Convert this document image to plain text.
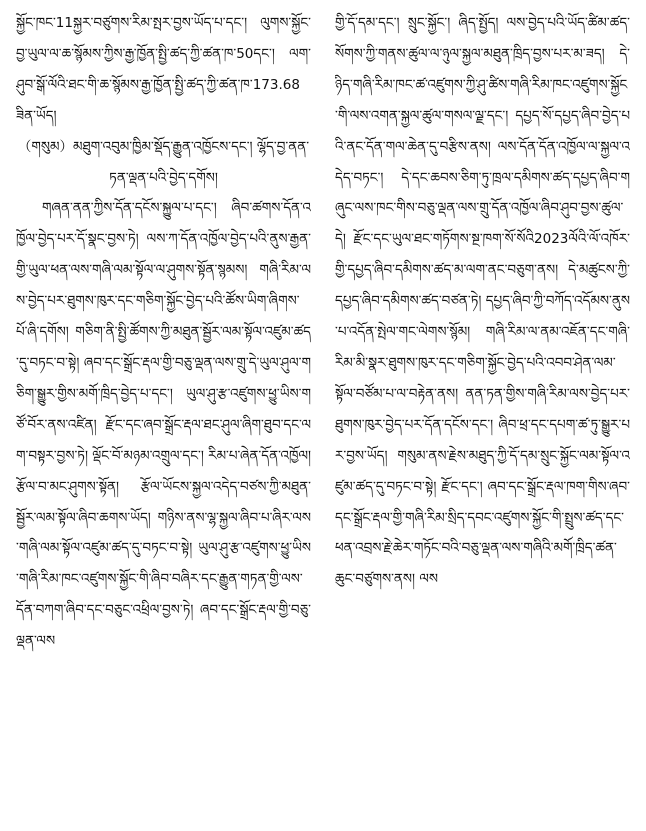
སྐྱོང་ཁང་11སྐྱར་བཙུགས་རིམ་སྤར་བྱས་ཡོད་པ་དང་། ལུགས་སྐྱོང་བྱ་ཡུལ་ལ་ཆ་སྙོམས་ཀྱིས་རྒྱ་ཁྱོན་སྤྱི་ཚད་ཀྱི་ཚན་ཁ་50དང་། ལག་ཤུབ་སྒོ་ལོའི་ཐང་གི་ཆ་སྙོམས་རྒྱ་ཁྱོན་སྤྱི་ཚད་ཀྱི་ཚན་ཁ་173.68ཟིན་ཡོད།

（གསུམ）མཐུག་འབུམ་ཁྱིམ་སྡོད་རྒྱུན་འཁྱོངས་དང་། ལྷོད་བྱ་ནན་ཏན་ལྡན་པའི་བྱེད་དགོས།

གཞན་ནན་ཀྱིས་དོན་དངོས་སྐྱུལ་པ་དང་། ཞིབ་ཚགས་དོན་འཁྱོལ་བྱེད་པར་དོ་སྣང་བྱས་ཏེ། ལས་ཀ་དོན་འཁྱོལ་བྱེད་པའི་ནུས་རྒྱན་གྱི་ཡུལ་ཕན་ལས་གཞི་ལམ་སྟོལ་ལ་ཤུགས་སྟོན་སྙམས། གཞི་རིམ་ལས་བྱེད་པར་ཐུགས་ཁུར་དང་གཅིག་སྐྱོང་བྱེད་པའི་ཚོས་ཡིག་ཞིགས་པོ་ཞི་དགོས། གཅིག་ནི་སྤྱི་ཚོགས་ཀྱི་མཐུན་སྦྱོར་ལམ་སྟོལ་འཛུམ་ཚད་དུ་བཏང་བ་སྟེ། ཞབ་དང་སྒྲོང་རྡལ་གྱི་བཅུ་ལྡན་ལས་གྲུ་དེ་ཡུལ་ཤུལ་གཅིག་སྒྱུར་གྱིས་མགོ་ཁྲིད་བྱེད་པ་དང་། ཡུལ་ཤུ་རྩ་འཛུགས་ཕྱུ་ཡིས་གཙོ་བོར་ནས་འཛིན། རྫོང་དང་ཞབ་སྒྲོང་རྡལ་ཐང་ཤུལ་ཞིག་ཐུབ་དང་ལག་བསྟར་བྱས་ཏེ། ལྡོང་བོ་མཉམ་འགྲུལ་དང་། རིམ་པ་ཞེན་དོན་འཁྱོལ། རྩོལ་བ་མང་ཤུགས་སྟོན། རྩོལ་ཡོངས་སྐྱལ་འདེད་བཙས་ཀྱི་མཐུན་སྦྱོར་ལམ་སྟོལ་ཞིབ་ཆགས་ཡོད། གཉིས་ནས་ལྷ་སྐྱལ་ཞིབ་པ་ཞིར་ལས་གཞི་ལམ་སྟོལ་འཛུམ་ཚད་དུ་བཏང་བ་སྟེ། ཡུལ་ཤུ་རྩ་འཛུགས་ཕྱུ་ཡིས་གཞི་རིམ་ཁང་འཛུགས་སྐྱོང་གི་ཞིབ་བཞིར་དང་རྒྱུན་གཏན་གྱི་ལས་དོན་བཀག་ཞིབ་དང་བཅུང་འཕྲིལ་བྱས་ཏེ། ཞབ་དང་སྒྲོང་རྡལ་གྱི་བཅུ་ལྡན་ལས

གྱི་དོ་དམ་དང་། སྲུང་སྐྱོང་། ཞིད་སྤྱོད། ལས་བྱེད་པའི་ཡོད་ཚིམ་ཚད་སོགས་ཀྱི་གནས་ཚུལ་ལ་ཉུལ་སྐྱལ་མཐུན་ཁྲིད་བྱས་པར་མ་ཟད། དེ་ཉིད་གཞི་རིམ་ཁང་ཚ་འཛུགས་ཀྱི་ཤུ་ཚིས་གཞི་རིམ་ཁང་འཛུགས་སྐྱོང་གི་ལས་འགན་སྐྱལ་ཚུལ་གསལ་ལྗ་དང་། དཔྱད་སོ་དཔྱད་ཞིབ་བྱེད་པའི་ནང་དོན་གལ་ཆེན་དུ་བརྩིས་ནས། ལས་དོན་དོན་འཁྱོལ་ལ་སྐྱལ་འདེད་བཏང་། དེ་དང་ཆབས་ཅིག་ཏུ་ཁྲལ་དམིགས་ཚད་དཔྱད་ཞིབ་གཞུང་ལས་ཁང་གིས་བཅུ་ལྡན་ལས་གྲུ་དོན་འཁྱོལ་ཞིབ་ཤུབ་བྱས་ཚུལ་དེ། རྫོང་དང་ཡུལ་ཐང་གཏོགས་སྔ་ཁག་སོ་སོའི2023ལོའི་ལོ་འཁོར་གྱི་དཔྱད་ཞིབ་དམིགས་ཚད་མ་ལག་ནང་བཅུག་ནས། དེ་མཚུངས་ཀྱི་དཔྱད་ཞིབ་དམིགས་ཚད་བཙན་ཏེ། དཔྱད་ཞིབ་ཀྱི་བཀོད་འདོམས་ནུས་པ་འདོན་སྤེལ་གང་ལེགས་སྙོམ། གཞི་རིམ་ལ་ནམ་འཇོན་དང་གཞི་རིམ་མི་སྣར་ཐུགས་ཁུར་དང་གཅིག་སྐྱོང་བྱེད་པའི་འབབ་ཤེན་ལམ་སྟོལ་བཙོམ་པ་ལ་བརྟེན་ནས། ནན་ཏན་གྱིས་གཞི་རིམ་ལས་བྱེད་པར་ཐུགས་ཁུར་བྱེད་པར་དོན་དངོས་དང་། ཞིབ་ཕྲ་དང་དཔག་ཚ་ཏུ་སྒྱུར་པར་བྱས་ཡོད། གསུམ་ནས་རྗེས་མཐུད་ཀྱི་དོ་དམ་སྲུང་སྐྱོང་ལམ་སྟོལ་འཛུམ་ཚད་དུ་བཏང་བ་སྟེ། རྫོང་དང་། ཞབ་དང་སྒྲོང་རྡལ་ཁག་གིས་ཞབ་དང་སྒྲོང་རྡལ་གྱི་གཞི་རིམ་སྲིད་དབང་འཛུགས་སྐྱོང་གི་སྤྲུས་ཚད་དང་ཕན་འབྲས་རྗེ་ཆེར་གཏོང་བའི་བཅུ་ལྡན་ལས་གཞིའི་མགོ་ཁྲིད་ཚན་ཆུང་བཙུགས་ནས། ལས
